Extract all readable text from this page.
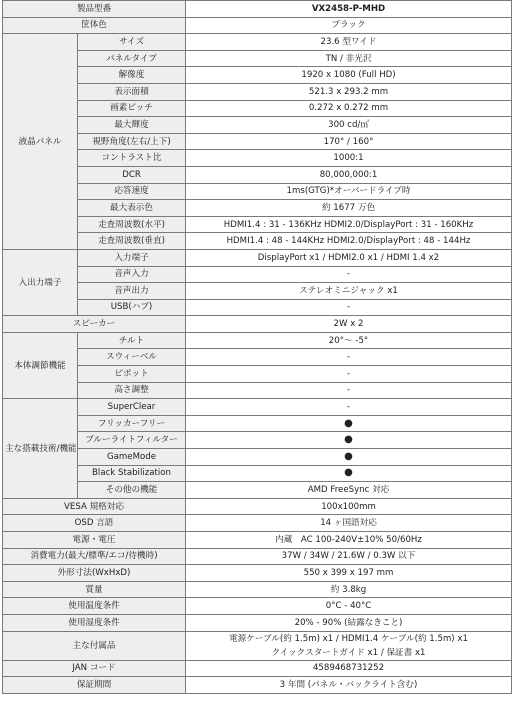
製品型番		VX2458-P-MHD
筐体色		ブラック
液晶パネル	サイズ	23.6 型ワイド
	パネルタイプ	TN / 非光沢
	解像度	1920 x 1080 (Full HD)
	表示面積	521.3 x 293.2 mm
	画素ピッチ	0.272 x 0.272 mm
	最大輝度	300 cd/㎡
	視野角度(左右/上下)	170° / 160°
	コントラスト比	1000:1
	DCR	80,000,000:1
	応答速度	1ms(GTG)*オーバードライブ時
	最大表示色	約 1677 万色
	走査周波数(水平)	HDMI1.4 : 31 - 136KHz HDMI2.0/DisplayPort : 31 - 160KHz
	走査周波数(垂直)	HDMI1.4 : 48 - 144KHz HDMI2.0/DisplayPort : 48 - 144Hz
入出力端子	入力端子	DisplayPort x1 / HDMI2.0 x1 / HDMI 1.4 x2
	音声入力	-
	音声出力	ステレオミニジャック x1
	USB(ハブ)	-
スピーカー		2W x 2
本体調節機能	チルト	20°～ -5°
	スウィーベル	-
	ピボット	-
	高さ調整	-
主な搭載技術/機能	SuperClear	-
	フリッカーフリー	●
	ブルーライトフィルター	●
	GameMode	●
	Black Stabilization	●
	その他の機能	AMD FreeSync 対応
VESA 規格対応		100x100mm
OSD 言語		14 ヶ国語対応
電源・電圧		内蔵　AC 100-240V±10% 50/60Hz
消費電力(最大/標準/エコ/待機時)		37W / 34W / 21.6W / 0.3W 以下
外形寸法(WxHxD)		550 x 399 x 197 mm
質量		約 3.8kg
使用温度条件		0°C - 40°C
使用湿度条件		20% - 90% (結露なきこと)
主な付属品		電源ケーブル(約 1.5m) x1 / HDMI1.4 ケーブル(約 1.5m) x1
クイックスタートガイド x1 / 保証書 x1

JAN コード		4589468731252
保証期間		3 年間 (パネル・バックライト含む)
